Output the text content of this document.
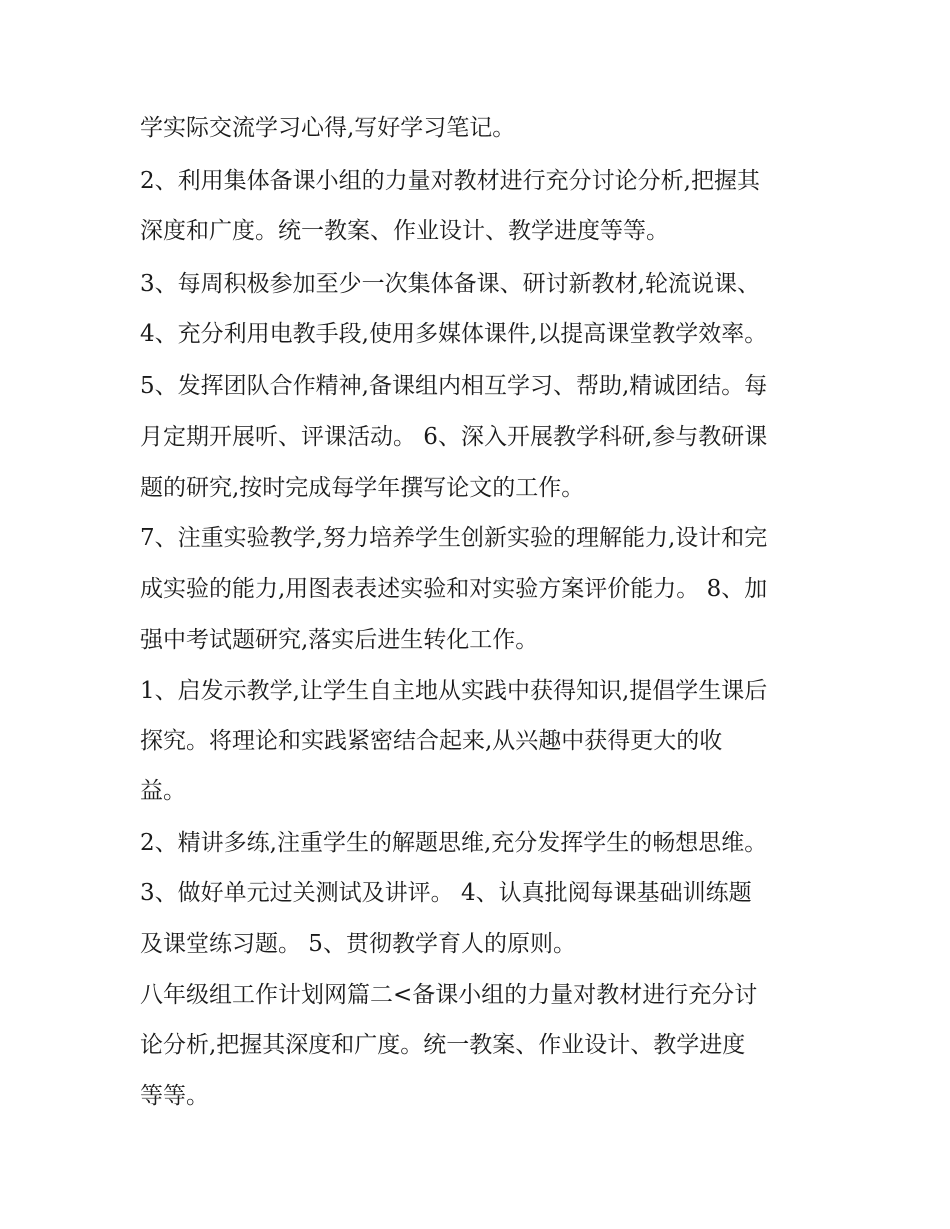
学实际交流学习心得,写好学习笔记。
2、利用集体备课小组的力量对教材进行充分讨论分析,把握其
深度和广度。统一教案、作业设计、教学进度等等。
3、每周积极参加至少一次集体备课、研讨新教材,轮流说课、
4、充分利用电教手段,使用多媒体课件,以提高课堂教学效率。
5、发挥团队合作精神,备课组内相互学习、帮助,精诚团结。每
月定期开展听、评课活动。 6、深入开展教学科研,参与教研课
题的研究,按时完成每学年撰写论文的工作。
7、注重实验教学,努力培养学生创新实验的理解能力,设计和完
成实验的能力,用图表表述实验和对实验方案评价能力。 8、加
强中考试题研究,落实后进生转化工作。
1、启发示教学,让学生自主地从实践中获得知识,提倡学生课后
探究。将理论和实践紧密结合起来,从兴趣中获得更大的收
益。
2、精讲多练,注重学生的解题思维,充分发挥学生的畅想思维。
3、做好单元过关测试及讲评。 4、认真批阅每课基础训练题
及课堂练习题。 5、贯彻教学育人的原则。
八年级组工作计划网篇二<备课小组的力量对教材进行充分讨
论分析,把握其深度和广度。统一教案、作业设计、教学进度
等等。
